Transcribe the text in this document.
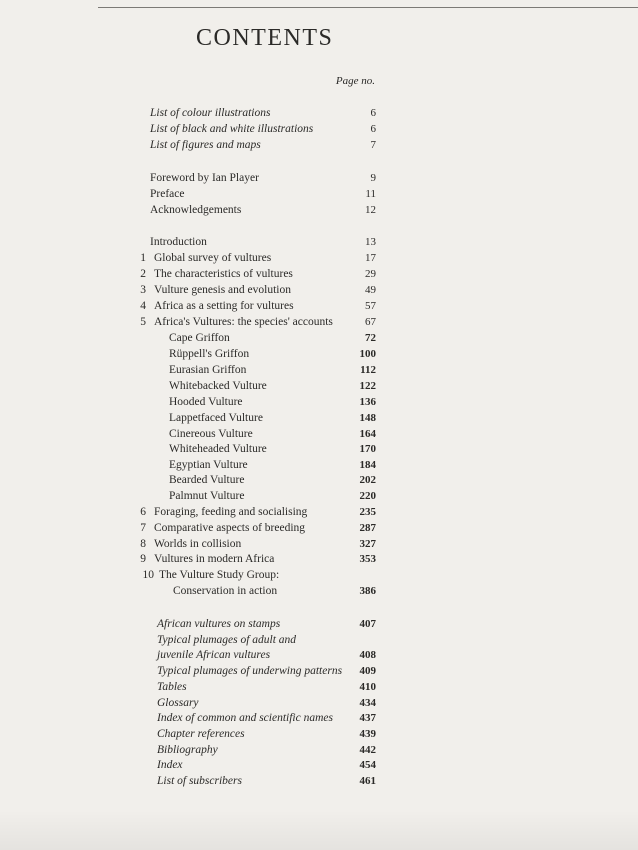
CONTENTS
Page no.
List of colour illustrations	6
List of black and white illustrations	6
List of figures and maps	7
Foreword by Ian Player	9
Preface	11
Acknowledgements	12
Introduction	13
1 Global survey of vultures	17
2 The characteristics of vultures	29
3 Vulture genesis and evolution	49
4 Africa as a setting for vultures	57
5 Africa's Vultures: the species' accounts	67
Cape Griffon	72
Rüppell's Griffon	100
Eurasian Griffon	112
Whitebacked Vulture	122
Hooded Vulture	136
Lappetfaced Vulture	148
Cinereous Vulture	164
Whiteheaded Vulture	170
Egyptian Vulture	184
Bearded Vulture	202
Palmnut Vulture	220
6 Foraging, feeding and socialising	235
7 Comparative aspects of breeding	287
8 Worlds in collision	327
9 Vultures in modern Africa	353
10 The Vulture Study Group:
Conservation in action	386
African vultures on stamps	407
Typical plumages of adult and
juvenile African vultures	408
Typical plumages of underwing patterns 409
Tables	410
Glossary	434
Index of common and scientific names 437
Chapter references	439
Bibliography	442
Index	454
List of subscribers	461
